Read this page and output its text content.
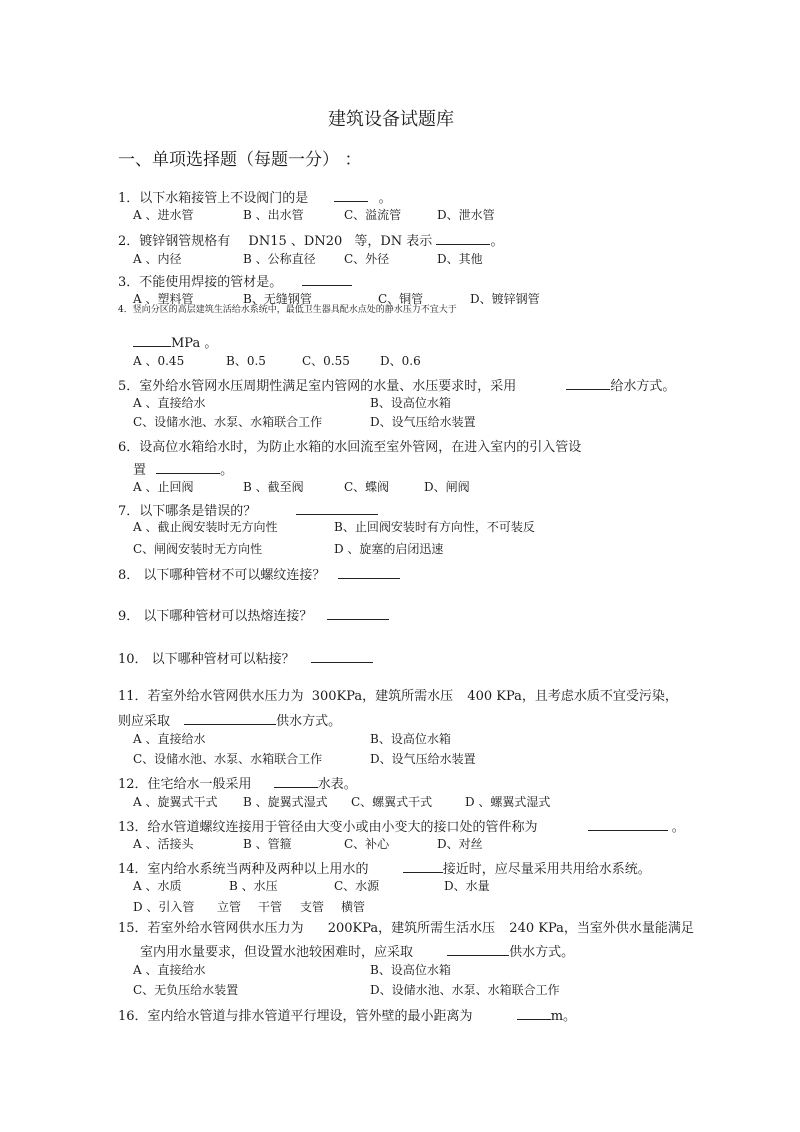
建筑设备试题库
一、单项选择题（每题一分） ：
1．以下水箱接管上不设阀门的是	。
A 、进水管	B 、出水管	C、溢流管	D、泄水管
2．镀锌钢管规格有 DN15 、DN20 等，DN 表示	。
A 、内径	B 、公称直径 C、外径	D、其他
3．不能使用焊接的管材是。
A 、塑料管	B、无缝钢管	C、铜管	D、镀锌钢管
4．竖向分区的高层建筑生活给水系统中，最低卫生器具配水点处的静水压力不宜大于
MPa 。
A 、0.45	B、0.5	C、0.55	D、0.6
5．室外给水管网水压周期性满足室内管网的水量、水压要求时，采用	给水方式。
A 、直接给水	B、设高位水箱
C、设储水池、水泵、水箱联合工作	D、设气压给水装置
6．设高位水箱给水时，为防止水箱的水回流至室外管网，在进入室内的引入管设
置	。
A 、止回阀	B 、截至阀	C、蝶阀	D、闸阀
7．以下哪条是错误的？
A 、截止阀安装时无方向性	B、止回阀安装时有方向性，不可装反
C、闸阀安装时无方向性	D 、旋塞的启闭迅速
8． 以下哪种管材不可以螺纹连接？
9． 以下哪种管材可以热熔连接？
10． 以下哪种管材可以粘接？
11．若室外给水管网供水压力为 300KPa，建筑所需水压 400 KPa，且考虑水质不宜受污染，
则应采取	供水方式。
A 、直接给水	B、设高位水箱
C、设储水池、水泵、水箱联合工作	D、设气压给水装置
12．住宅给水一般采用	水表。
A 、旋翼式干式 B 、旋翼式湿式 C、螺翼式干式	D 、螺翼式湿式
13．给水管道螺纹连接用于管径由大变小或由小变大的接口处的管件称为	。
A 、活接头	B 、管箍	C、补心	D、对丝
14．室内给水系统当两种及两种以上用水的	接近时，应尽量采用共用给水系统。
A 、水质	B 、水压	C、水源	D、水量
D 、引入管 立管 干管 支管 横管
15．若室外给水管网供水压力为 200KPa，建筑所需生活水压 240 KPa，当室外供水量能满足
室内用水量要求，但设置水池较困难时，应采取	供水方式。
A 、直接给水	B、设高位水箱
C、无负压给水装置	D、设储水池、水泵、水箱联合工作
16．室内给水管道与排水管道平行埋设，管外壁的最小距离为	m。
